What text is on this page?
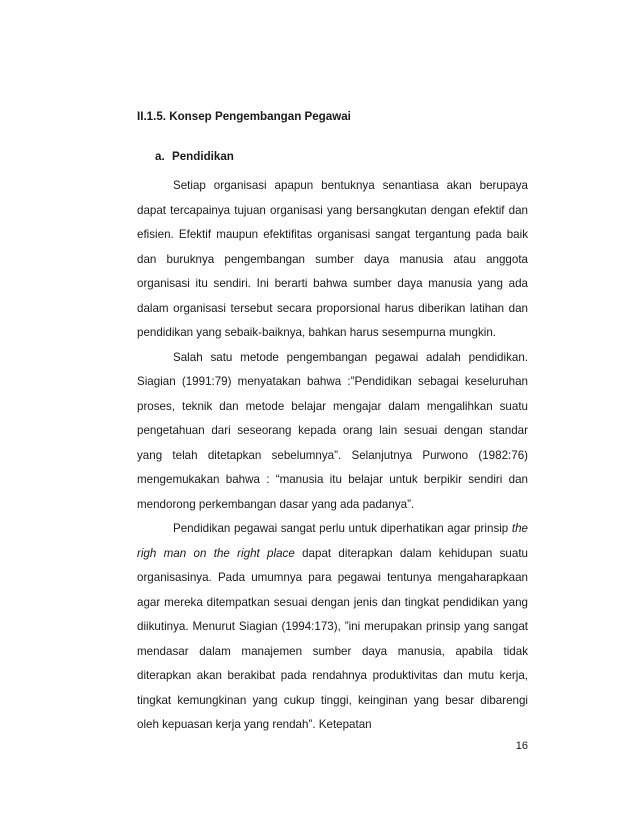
II.1.5. Konsep Pengembangan Pegawai
a. Pendidikan
Setiap organisasi apapun bentuknya senantiasa akan berupaya dapat tercapainya tujuan organisasi yang bersangkutan dengan efektif dan efisien. Efektif maupun efektifitas organisasi sangat tergantung pada baik dan buruknya pengembangan sumber daya manusia atau anggota organisasi itu sendiri. Ini berarti bahwa sumber daya manusia yang ada dalam organisasi tersebut secara proporsional harus diberikan latihan dan pendidikan yang sebaik-baiknya, bahkan harus sesempurna mungkin.
Salah satu metode pengembangan pegawai adalah pendidikan. Siagian (1991:79) menyatakan bahwa :”Pendidikan sebagai keseluruhan proses, teknik dan metode belajar mengajar dalam mengalihkan suatu pengetahuan dari seseorang kepada orang lain sesuai dengan standar yang telah ditetapkan sebelumnya”. Selanjutnya Purwono (1982:76) mengemukakan bahwa : “manusia itu belajar untuk berpikir sendiri dan mendorong perkembangan dasar yang ada padanya”.
Pendidikan pegawai sangat perlu untuk diperhatikan agar prinsip the righ man on the right place dapat diterapkan dalam kehidupan suatu organisasinya. Pada umumnya para pegawai tentunya mengaharapkaan agar mereka ditempatkan sesuai dengan jenis dan tingkat pendidikan yang diikutinya. Menurut Siagian (1994:173), ”ini merupakan prinsip yang sangat mendasar dalam manajemen sumber daya manusia, apabila tidak diterapkan akan berakibat pada rendahnya produktivitas dan mutu kerja, tingkat kemungkinan yang cukup tinggi, keinginan yang besar dibarengi oleh kepuasan kerja yang rendah”. Ketepatan
16
